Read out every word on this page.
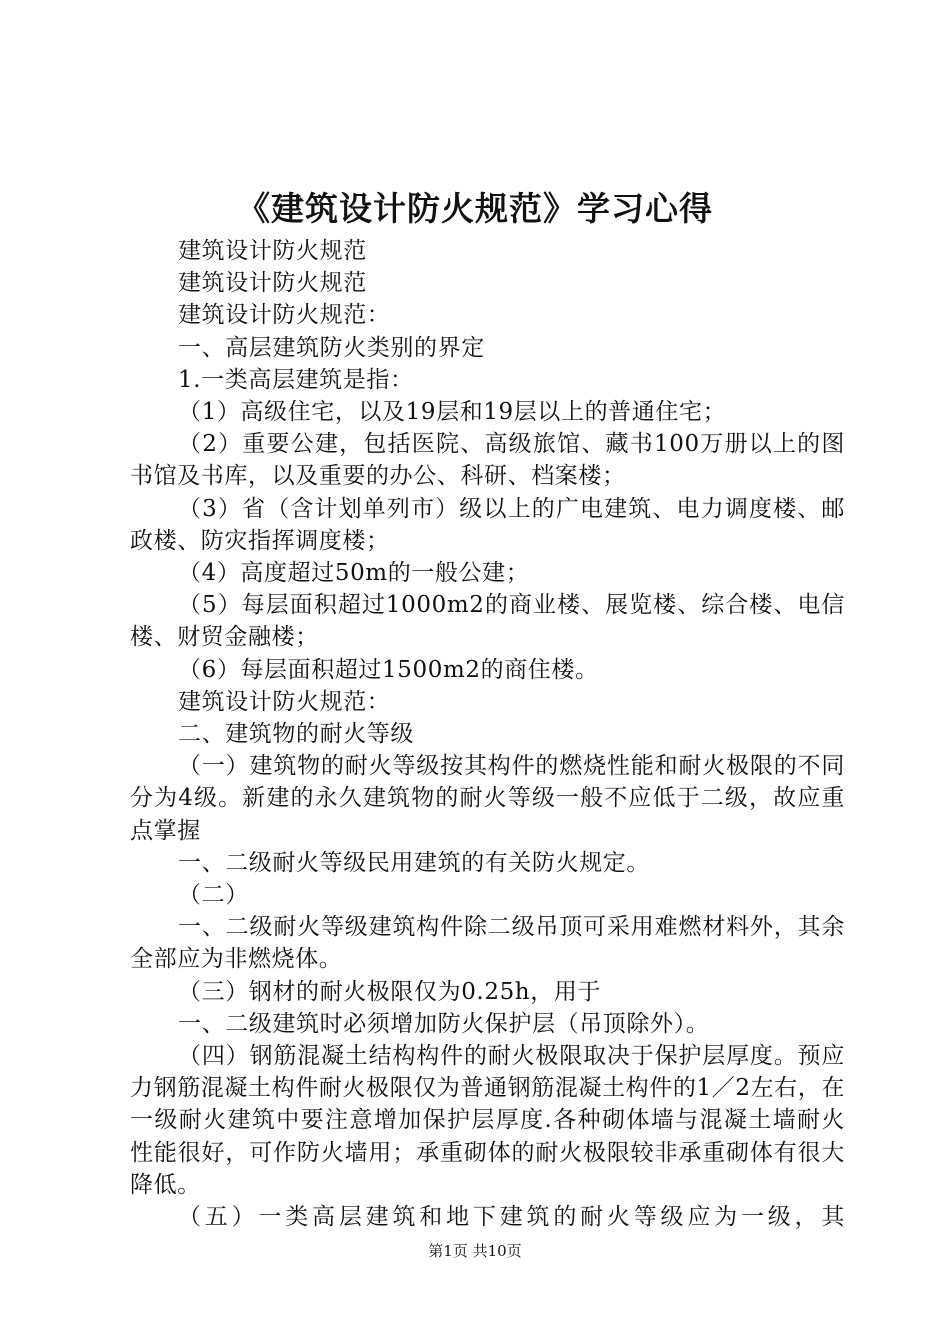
《建筑设计防火规范》学习心得

建筑设计防火规范

建筑设计防火规范

建筑设计防火规范：

一、高层建筑防火类别的界定

1.一类高层建筑是指：

（1）高级住宅，以及19层和19层以上的普通住宅；

（2）重要公建，包括医院、高级旅馆、藏书100万册以上的图书馆及书库，以及重要的办公、科研、档案楼；

（3）省（含计划单列市）级以上的广电建筑、电力调度楼、邮政楼、防灾指挥调度楼；

（4）高度超过50m的一般公建；

（5）每层面积超过1000m2的商业楼、展览楼、综合楼、电信楼、财贸金融楼；

（6）每层面积超过1500m2的商住楼。

建筑设计防火规范：

二、建筑物的耐火等级

（一）建筑物的耐火等级按其构件的燃烧性能和耐火极限的不同分为4级。新建的永久建筑物的耐火等级一般不应低于二级，故应重点掌握

一、二级耐火等级民用建筑的有关防火规定。

（二）

一、二级耐火等级建筑构件除二级吊顶可采用难燃材料外，其余全部应为非燃烧体。

（三）钢材的耐火极限仅为0.25h，用于

一、二级建筑时必须增加防火保护层（吊顶除外）。

（四）钢筋混凝土结构构件的耐火极限取决于保护层厚度。预应力钢筋混凝土构件耐火极限仅为普通钢筋混凝土构件的1／2左右，在一级耐火建筑中要注意增加保护层厚度.各种砌体墙与混凝土墙耐火性能很好，可作防火墙用；承重砌体的耐火极限较非承重砌体有很大降低。

（五）一类高层建筑和地下建筑的耐火等级应为一级，其

第1页 共10页
